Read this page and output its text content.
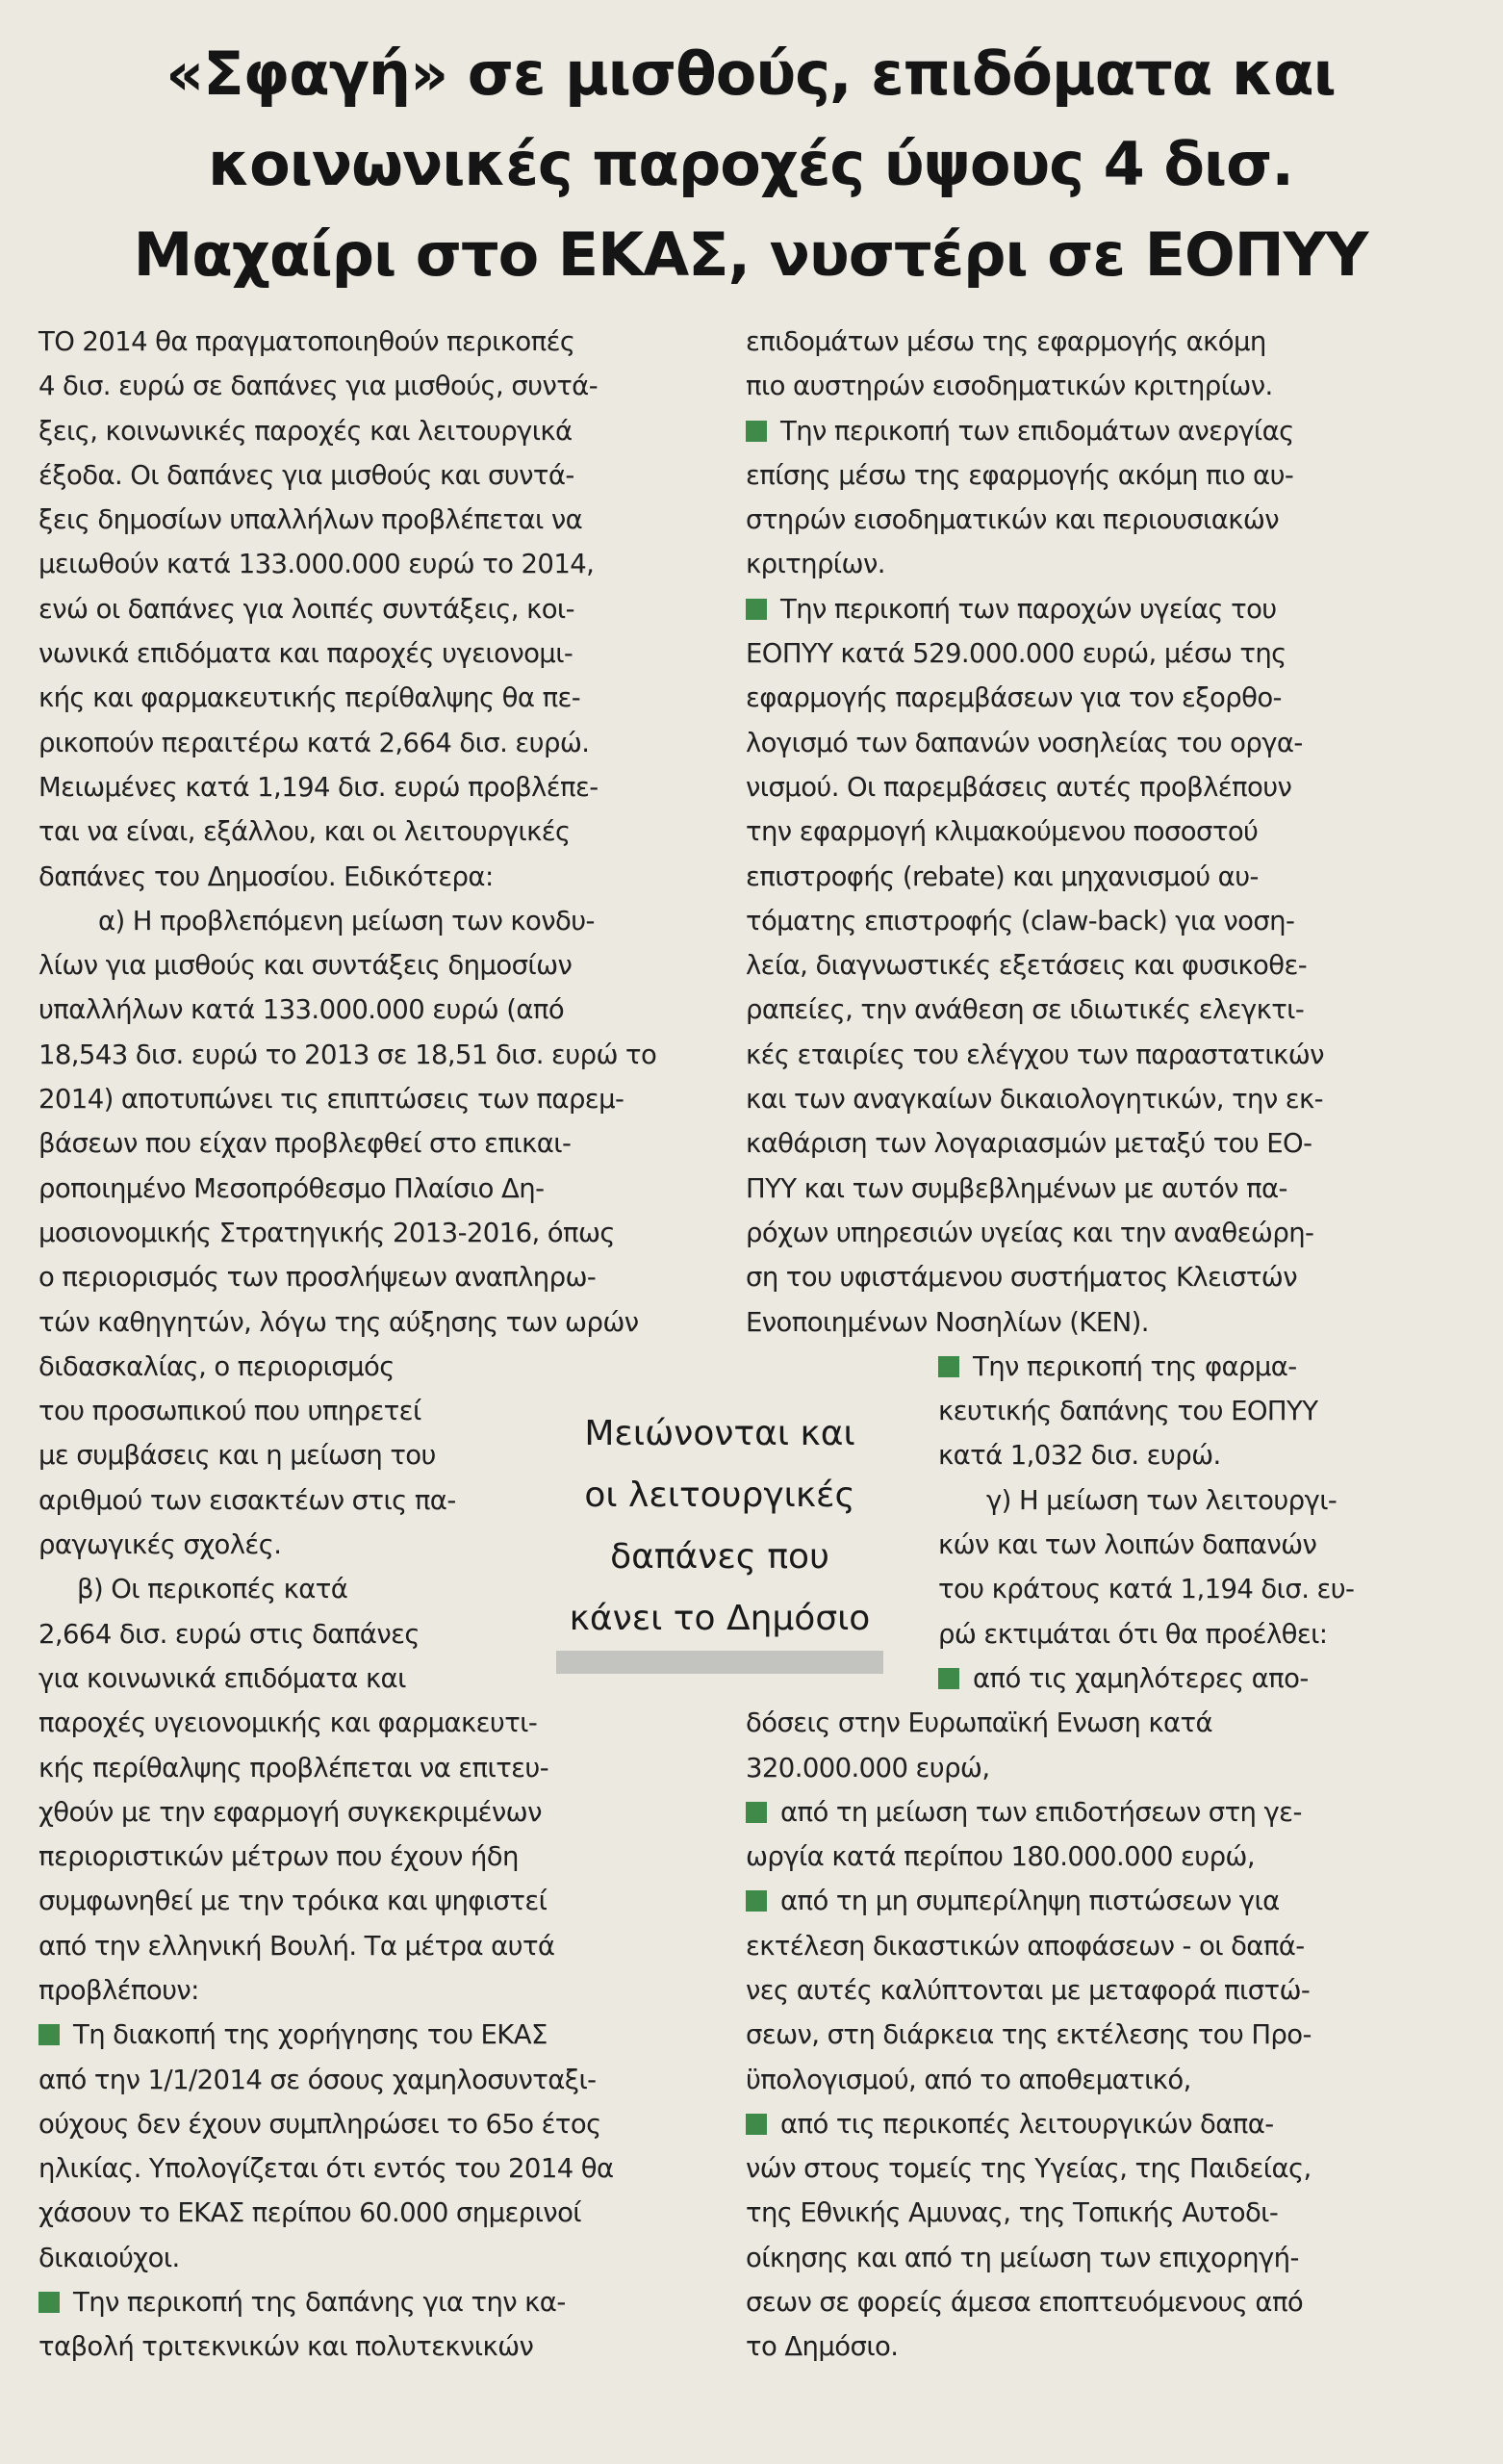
«Σφαγή» σε μισθούς, επιδόματα και
κοινωνικές παροχές ύψους 4 δισ.
Μαχαίρι στο ΕΚΑΣ, νυστέρι σε ΕΟΠΥΥ
ΤΟ 2014 θα πραγματοποιηθούν περικοπές
4 δισ. ευρώ σε δαπάνες για μισθούς, συντά-
ξεις, κοινωνικές παροχές και λειτουργικά
έξοδα. Οι δαπάνες για μισθούς και συντά-
ξεις δημοσίων υπαλλήλων προβλέπεται να
μειωθούν κατά 133.000.000 ευρώ το 2014,
ενώ οι δαπάνες για λοιπές συντάξεις, κοι-
νωνικά επιδόματα και παροχές υγειονομι-
κής και φαρμακευτικής περίθαλψης θα πε-
ρικοπούν περαιτέρω κατά 2,664 δισ. ευρώ.
Μειωμένες κατά 1,194 δισ. ευρώ προβλέπε-
ται να είναι, εξάλλου, και οι λειτουργικές
δαπάνες του Δημοσίου. Ειδικότερα:
α) Η προβλεπόμενη μείωση των κονδυ-
λίων για μισθούς και συντάξεις δημοσίων
υπαλλήλων κατά 133.000.000 ευρώ (από
18,543 δισ. ευρώ το 2013 σε 18,51 δισ. ευρώ το
2014) αποτυπώνει τις επιπτώσεις των παρεμ-
βάσεων που είχαν προβλεφθεί στο επικαι-
ροποιημένο Μεσοπρόθεσμο Πλαίσιο Δη-
μοσιονομικής Στρατηγικής 2013-2016, όπως
ο περιορισμός των προσλήψεων αναπληρω-
τών καθηγητών, λόγω της αύξησης των ωρών
διδασκαλίας, ο περιορισμός
του προσωπικού που υπηρετεί
με συμβάσεις και η μείωση του
αριθμού των εισακτέων στις πα-
ραγωγικές σχολές.
β) Οι περικοπές κατά
2,664 δισ. ευρώ στις δαπάνες
για κοινωνικά επιδόματα και
παροχές υγειονομικής και φαρμακευτι-
κής περίθαλψης προβλέπεται να επιτευ-
χθούν με την εφαρμογή συγκεκριμένων
περιοριστικών μέτρων που έχουν ήδη
συμφωνηθεί με την τρόικα και ψηφιστεί
από την ελληνική Βουλή. Τα μέτρα αυτά
προβλέπουν:
Τη διακοπή της χορήγησης του ΕΚΑΣ
από την 1/1/2014 σε όσους χαμηλοσυνταξι-
ούχους δεν έχουν συμπληρώσει το 65ο έτος
ηλικίας. Υπολογίζεται ότι εντός του 2014 θα
χάσουν το ΕΚΑΣ περίπου 60.000 σημερινοί
δικαιούχοι.
Την περικοπή της δαπάνης για την κα-
ταβολή τριτεκνικών και πολυτεκνικών
Μειώνονται και
οι λειτουργικές
δαπάνες που
κάνει το Δημόσιο
επιδομάτων μέσω της εφαρμογής ακόμη
πιο αυστηρών εισοδηματικών κριτηρίων.
Την περικοπή των επιδομάτων ανεργίας
επίσης μέσω της εφαρμογής ακόμη πιο αυ-
στηρών εισοδηματικών και περιουσιακών
κριτηρίων.
Την περικοπή των παροχών υγείας του
ΕΟΠΥΥ κατά 529.000.000 ευρώ, μέσω της
εφαρμογής παρεμβάσεων για τον εξορθο-
λογισμό των δαπανών νοσηλείας του οργα-
νισμού. Οι παρεμβάσεις αυτές προβλέπουν
την εφαρμογή κλιμακούμενου ποσοστού
επιστροφής (rebate) και μηχανισμού αυ-
τόματης επιστροφής (claw-back) για νοση-
λεία, διαγνωστικές εξετάσεις και φυσικοθε-
ραπείες, την ανάθεση σε ιδιωτικές ελεγκτι-
κές εταιρίες του ελέγχου των παραστατικών
και των αναγκαίων δικαιολογητικών, την εκ-
καθάριση των λογαριασμών μεταξύ του ΕΟ-
ΠΥΥ και των συμβεβλημένων με αυτόν πα-
ρόχων υπηρεσιών υγείας και την αναθεώρη-
ση του υφιστάμενου συστήματος Κλειστών
Ενοποιημένων Νοσηλίων (ΚΕΝ).
Την περικοπή της φαρμα-
κευτικής δαπάνης του ΕΟΠΥΥ
κατά 1,032 δισ. ευρώ.
γ) Η μείωση των λειτουργι-
κών και των λοιπών δαπανών
του κράτους κατά 1,194 δισ. ευ-
ρώ εκτιμάται ότι θα προέλθει:
από τις χαμηλότερες απο-
δόσεις στην Ευρωπαϊκή Ενωση κατά
320.000.000 ευρώ,
από τη μείωση των επιδοτήσεων στη γε-
ωργία κατά περίπου 180.000.000 ευρώ,
από τη μη συμπερίληψη πιστώσεων για
εκτέλεση δικαστικών αποφάσεων - οι δαπά-
νες αυτές καλύπτονται με μεταφορά πιστώ-
σεων, στη διάρκεια της εκτέλεσης του Προ-
ϋπολογισμού, από το αποθεματικό,
από τις περικοπές λειτουργικών δαπα-
νών στους τομείς της Υγείας, της Παιδείας,
της Εθνικής Αμυνας, της Τοπικής Αυτοδι-
οίκησης και από τη μείωση των επιχορηγή-
σεων σε φορείς άμεσα εποπτευόμενους από
το Δημόσιο.
